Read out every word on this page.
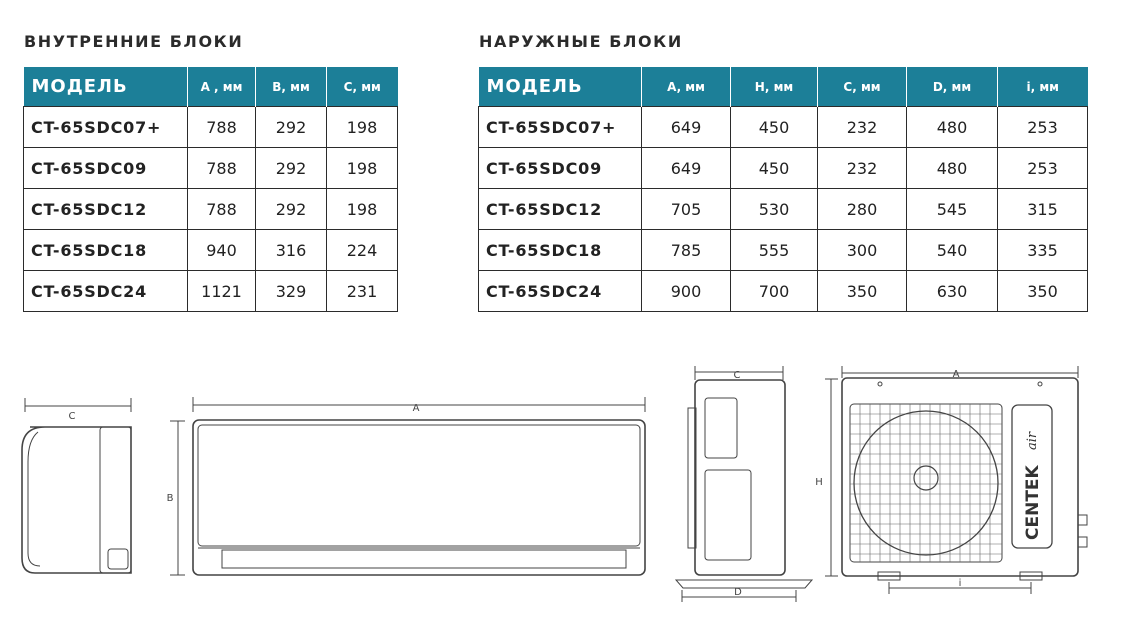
ВНУТРЕННИЕ БЛОКИ	НАРУЖНЫЕ БЛОКИ
МОДЕЛЬ	A , мм	B, мм	C, мм
CT-65SDC07+	788	292	198
CT-65SDC09	788	292	198
CT-65SDC12	788	292	198
CT-65SDC18	940	316	224
CT-65SDC24	1121	329	231
МОДЕЛЬ	A, мм	H, мм	C, мм	D, мм	i, мм
CT-65SDC07+	649	450	232	480	253
CT-65SDC09	649	450	232	480	253
CT-65SDC12	705	530	280	545	315
CT-65SDC18	785	555	300	540	335
CT-65SDC24	900	700	350	630	350
C
A
B
C
D
A
H
i
CENTEK
air
